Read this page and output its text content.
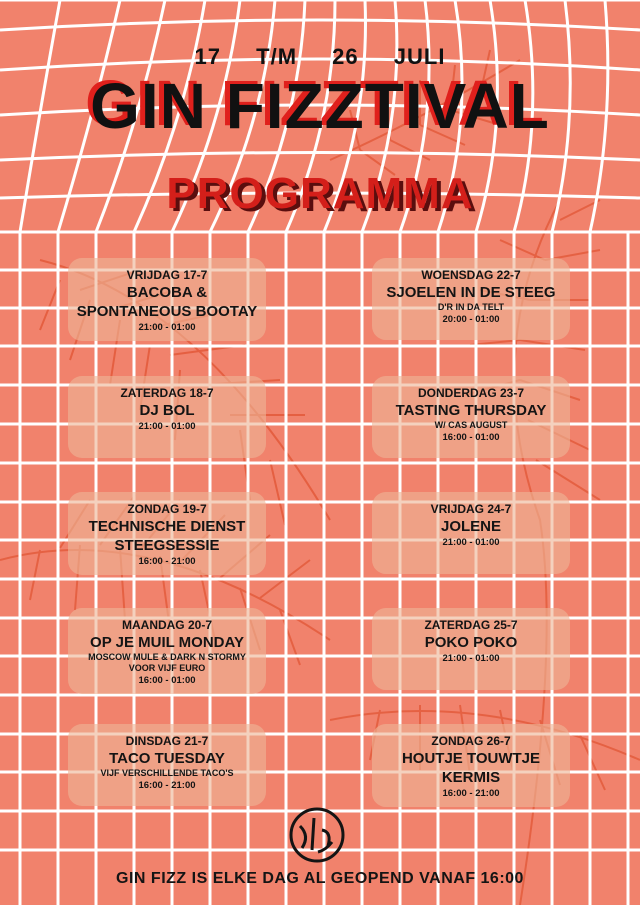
17 T/M 26 JULI
GIN FIZZTIVAL
PROGRAMMA
VRIJDAG 17-7
BACOBA &
SPONTANEOUS BOOTAY
21:00 - 01:00
ZATERDAG 18-7
DJ BOL
21:00 - 01:00
ZONDAG 19-7
TECHNISCHE DIENST
STEEGSESSIE
16:00 - 21:00
MAANDAG 20-7
OP JE MUIL MONDAY
MOSCOW MULE & DARK N STORMY
VOOR VIJF EURO
16:00 - 01:00
DINSDAG 21-7
TACO TUESDAY
VIJF VERSCHILLENDE TACO'S
16:00 - 21:00
WOENSDAG 22-7
SJOELEN IN DE STEEG
D'R IN DA TELT
20:00 - 01:00
DONDERDAG 23-7
TASTING THURSDAY
W/ CAS AUGUST
16:00 - 01:00
VRIJDAG 24-7
JOLENE
21:00 - 01:00
ZATERDAG 25-7
POKO POKO
21:00 - 01:00
ZONDAG 26-7
HOUTJE TOUWTJE
KERMIS
16:00 - 21:00
GIN FIZZ IS ELKE DAG AL GEOPEND VANAF 16:00
